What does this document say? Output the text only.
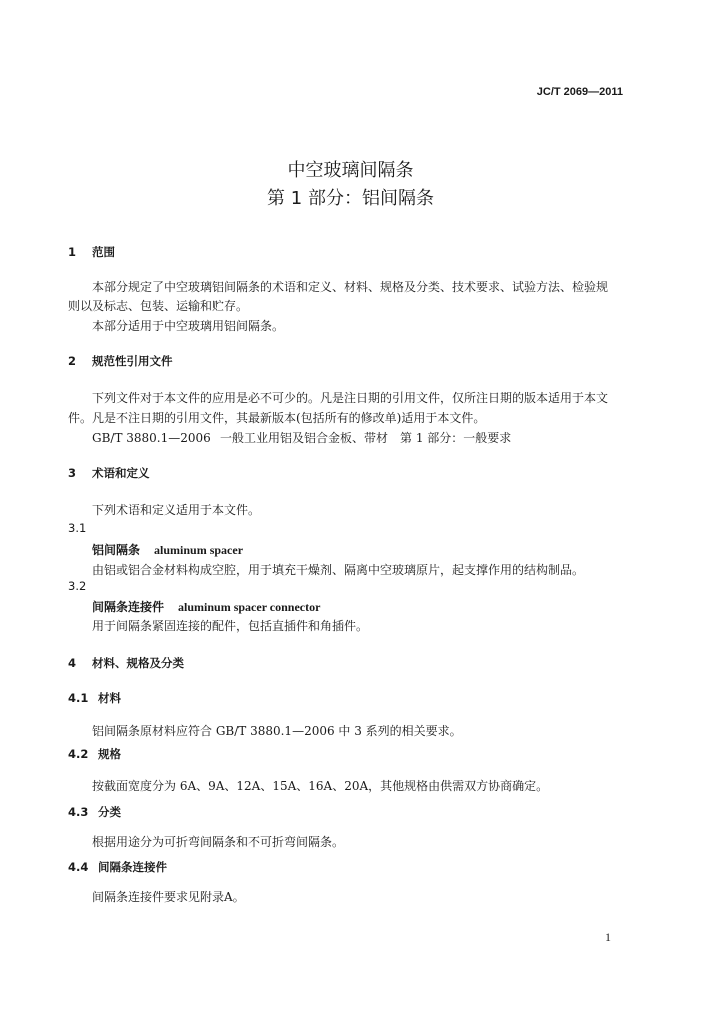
JC/T 2069—2011
中空玻璃间隔条
第 1 部分：铝间隔条
1 范围
本部分规定了中空玻璃铝间隔条的术语和定义、材料、规格及分类、技术要求、试验方法、检验规
则以及标志、包装、运输和贮存。
本部分适用于中空玻璃用铝间隔条。
2 规范性引用文件
下列文件对于本文件的应用是必不可少的。凡是注日期的引用文件，仅所注日期的版本适用于本文
件。凡是不注日期的引用文件，其最新版本(包括所有的修改单)适用于本文件。
GB/T 3880.1—2006 一般工业用铝及铝合金板、带材　第 1 部分：一般要求
3 术语和定义
下列术语和定义适用于本文件。
3.1
铝间隔条 aluminum spacer
由铝或铝合金材料构成空腔，用于填充干燥剂、隔离中空玻璃原片，起支撑作用的结构制品。
3.2
间隔条连接件 aluminum spacer connector
用于间隔条紧固连接的配件，包括直插件和角插件。
4 材料、规格及分类
4.1 材料
铝间隔条原材料应符合 GB/T 3880.1—2006 中 3 系列的相关要求。
4.2 规格
按截面宽度分为 6A、9A、12A、15A、16A、20A，其他规格由供需双方协商确定。
4.3 分类
根据用途分为可折弯间隔条和不可折弯间隔条。
4.4 间隔条连接件
间隔条连接件要求见附录A。
1
